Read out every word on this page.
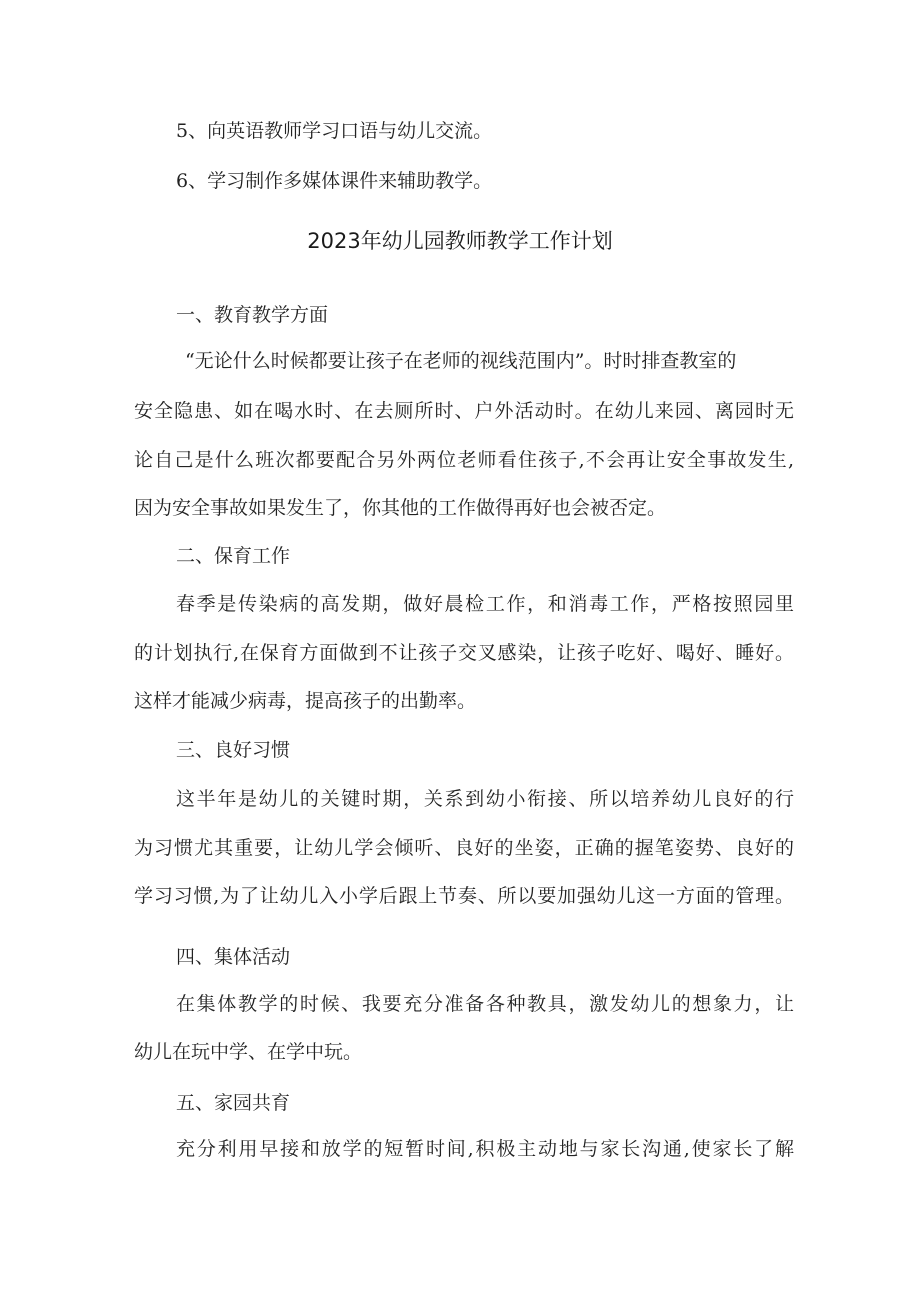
5、向英语教师学习口语与幼儿交流。
6、学习制作多媒体课件来辅助教学。
2023年幼儿园教师教学工作计划
一、教育教学方面
“无论什么时候都要让孩子在老师的视线范围内”。时时排查教室的
安全隐患、如在喝水时、在去厕所时、户外活动时。在幼儿来园、离园时无
论自己是什么班次都要配合另外两位老师看住孩子,不会再让安全事故发生,
因为安全事故如果发生了，你其他的工作做得再好也会被否定。
二、保育工作
春季是传染病的高发期，做好晨检工作，和消毒工作，严格按照园里
的计划执行,在保育方面做到不让孩子交叉感染，让孩子吃好、喝好、睡好。
这样才能减少病毒，提高孩子的出勤率。
三、良好习惯
这半年是幼儿的关键时期，关系到幼小衔接、所以培养幼儿良好的行
为习惯尤其重要，让幼儿学会倾听、良好的坐姿，正确的握笔姿势、良好的
学习习惯,为了让幼儿入小学后跟上节奏、所以要加强幼儿这一方面的管理。
四、集体活动
在集体教学的时候、我要充分准备各种教具，激发幼儿的想象力，让
幼儿在玩中学、在学中玩。
五、家园共育
充分利用早接和放学的短暂时间,积极主动地与家长沟通,使家长了解
